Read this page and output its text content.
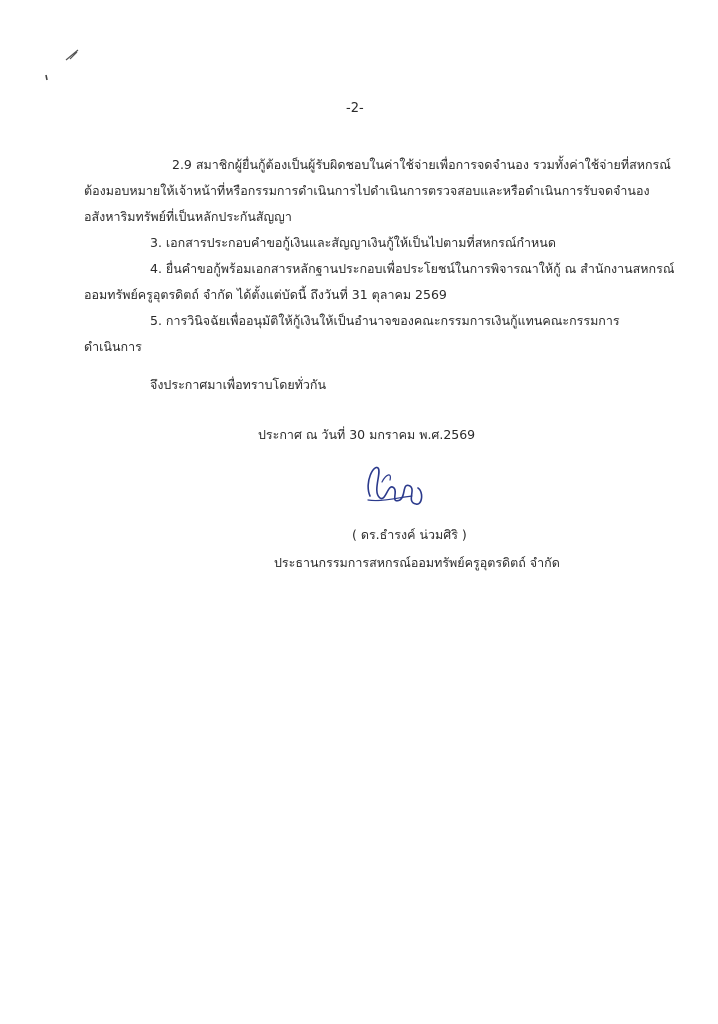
-2-
2.9 สมาชิกผู้ยื่นกู้ต้องเป็นผู้รับผิดชอบในค่าใช้จ่ายเพื่อการจดจำนอง รวมทั้งค่าใช้จ่ายที่สหกรณ์
ต้องมอบหมายให้เจ้าหน้าที่หรือกรรมการดำเนินการไปดำเนินการตรวจสอบและหรือดำเนินการรับจดจำนอง
อสังหาริมทรัพย์ที่เป็นหลักประกันสัญญา
3. เอกสารประกอบคำขอกู้เงินและสัญญาเงินกู้ให้เป็นไปตามที่สหกรณ์กำหนด
4. ยื่นคำขอกู้พร้อมเอกสารหลักฐานประกอบเพื่อประโยชน์ในการพิจารณาให้กู้ ณ สำนักงานสหกรณ์
ออมทรัพย์ครูอุตรดิตถ์ จำกัด ได้ตั้งแต่บัดนี้ ถึงวันที่ 31 ตุลาคม 2569
5. การวินิจฉัยเพื่ออนุมัติให้กู้เงินให้เป็นอำนาจของคณะกรรมการเงินกู้แทนคณะกรรมการ
ดำเนินการ
จึงประกาศมาเพื่อทราบโดยทั่วกัน
ประกาศ ณ วันที่ 30 มกราคม พ.ศ.2569
( ดร.ธำรงค์ น่วมศิริ )
ประธานกรรมการสหกรณ์ออมทรัพย์ครูอุตรดิตถ์ จำกัด
